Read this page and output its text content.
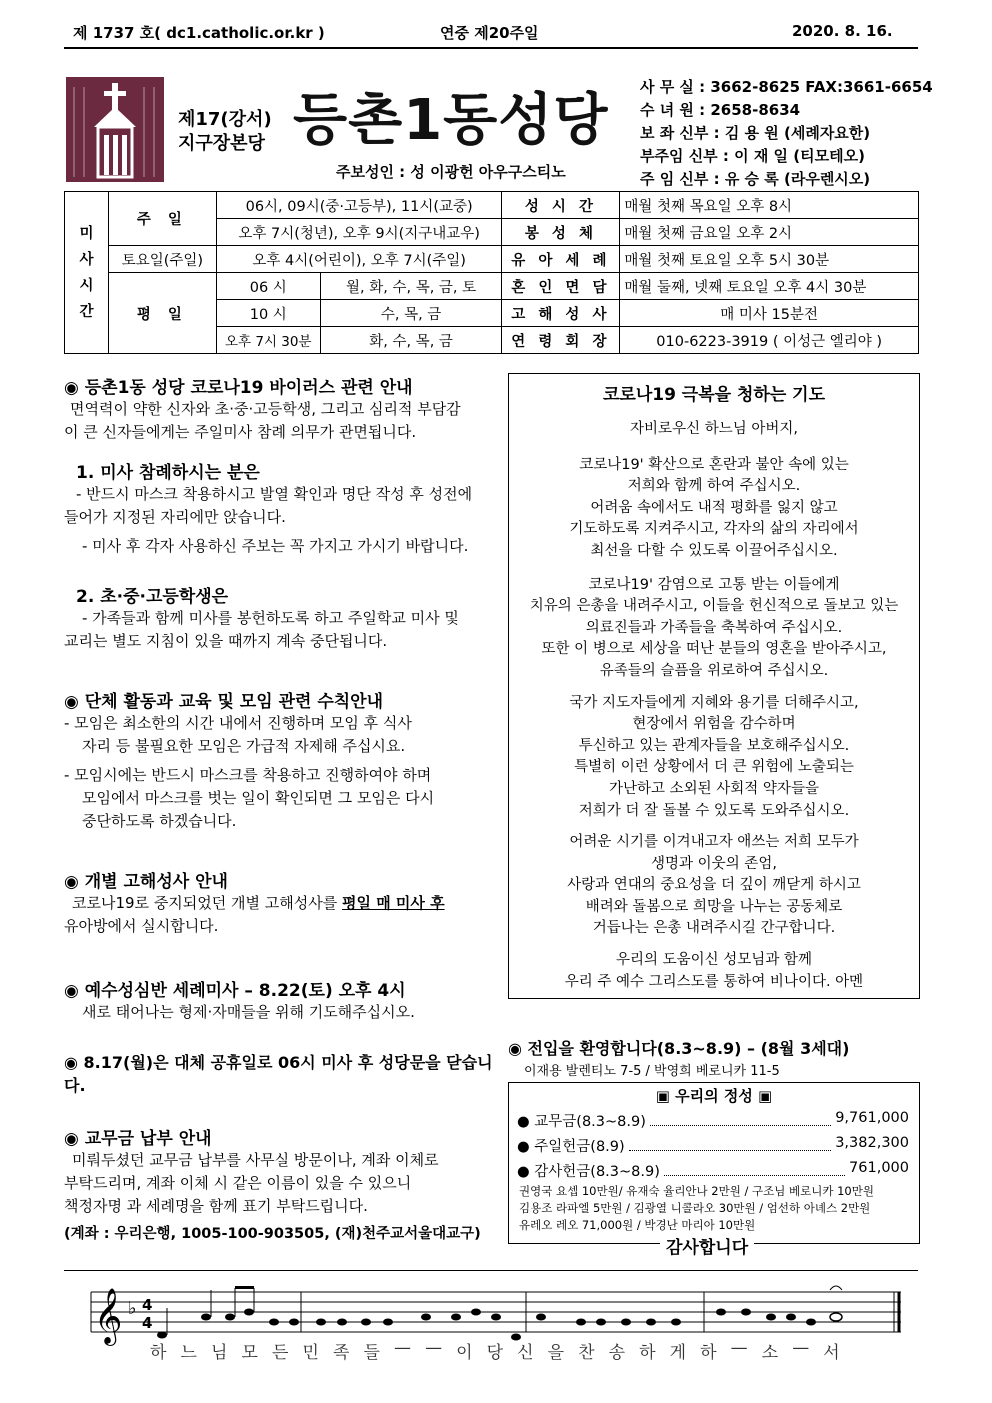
제 1737 호( dc1.catholic.or.kr )	연중 제20주일	2020. 8. 16.
제17(강서)
지구장본당 등촌1동성당
주보성인 : 성 이광헌 아우구스티노
사 무 실 : 3662-8625 FAX:3661-6654
수 녀 원 : 2658-8634
보 좌 신부 : 김 용 원 (세례자요한)
부주임 신부 : 이 재 일 (티모테오)
주 임 신부 : 유 승 록 (라우렌시오)
미
사
시
간	주 일	06시, 09시(중·고등부), 11시(교중)		성 시 간	매월 첫째 목요일 오후 8시
		오후 7시(청년), 오후 9시(지구내교우)		봉 성 체	매월 첫째 금요일 오후 2시
	토요일(주일)	오후 4시(어린이), 오후 7시(주일)		유 아 세 례	매월 첫째 토요일 오후 5시 30분
	평 일	06 시	월, 화, 수, 목, 금, 토	혼 인 면 담	매월 둘째, 넷째 토요일 오후 4시 30분
		10 시	수, 목, 금	고 해 성 사	매 미사 15분전
		오후 7시 30분	화, 수, 목, 금	연 령 회 장	010-6223-3919 ( 이성근 엘리야 )
◉ 등촌1동 성당 코로나19 바이러스 관련 안내
면역력이 약한 신자와 초·중·고등학생, 그리고 심리적 부담감
이 큰 신자들에게는 주일미사 참례 의무가 관면됩니다.
1. 미사 참례하시는 분은
- 반드시 마스크 착용하시고 발열 확인과 명단 작성 후 성전에
들어가 지정된 자리에만 앉습니다.
- 미사 후 각자 사용하신 주보는 꼭 가지고 가시기 바랍니다.
2. 초·중·고등학생은
- 가족들과 함께 미사를 봉헌하도록 하고 주일학교 미사 및
교리는 별도 지침이 있을 때까지 계속 중단됩니다.
◉ 단체 활동과 교육 및 모임 관련 수칙안내
- 모임은 최소한의 시간 내에서 진행하며 모임 후 식사
자리 등 불필요한 모임은 가급적 자제해 주십시요.
- 모임시에는 반드시 마스크를 착용하고 진행하여야 하며
모임에서 마스크를 벗는 일이 확인되면 그 모임은 다시
중단하도록 하겠습니다.
◉ 개별 고해성사 안내
코로나19로 중지되었던 개별 고해성사를 평일 매 미사 후
유아방에서 실시합니다.
◉ 예수성심반 세례미사 – 8.22(토) 오후 4시
새로 태어나는 형제·자매들을 위해 기도해주십시오.
◉ 8.17(월)은 대체 공휴일로 06시 미사 후 성당문을 닫습니다.
◉ 교무금 납부 안내
미뤄두셨던 교무금 납부를 사무실 방문이나, 계좌 이체로
부탁드리며, 계좌 이체 시 같은 이름이 있을 수 있으니
책정자명 과 세례명을 함께 표기 부탁드립니다.
(계좌 : 우리은행, 1005-100-903505, (재)천주교서울대교구)
코로나19 극복을 청하는 기도
자비로우신 하느님 아버지,
코로나19' 확산으로 혼란과 불안 속에 있는
저희와 함께 하여 주십시오.
어려움 속에서도 내적 평화를 잃지 않고
기도하도록 지켜주시고, 각자의 삶의 자리에서
최선을 다할 수 있도록 이끌어주십시오.
코로나19' 감염으로 고통 받는 이들에게
치유의 은총을 내려주시고, 이들을 헌신적으로 돌보고 있는
의료진들과 가족들을 축복하여 주십시오.
또한 이 병으로 세상을 떠난 분들의 영혼을 받아주시고,
유족들의 슬픔을 위로하여 주십시오.
국가 지도자들에게 지혜와 용기를 더해주시고,
현장에서 위험을 감수하며
투신하고 있는 관계자들을 보호해주십시오.
특별히 이런 상황에서 더 큰 위험에 노출되는
가난하고 소외된 사회적 약자들을
저희가 더 잘 돌볼 수 있도록 도와주십시오.
어려운 시기를 이겨내고자 애쓰는 저희 모두가
생명과 이웃의 존엄,
사랑과 연대의 중요성을 더 깊이 깨닫게 하시고
배려와 돌봄으로 희망을 나누는 공동체로
거듭나는 은총 내려주시길 간구합니다.
우리의 도움이신 성모님과 함께
우리 주 예수 그리스도를 통하여 비나이다. 아멘
◉ 전입을 환영합니다(8.3~8.9) – (8월 3세대)
이재용 발렌티노 7-5 / 박영희 베로니카 11-5
▣ 우리의 정성 ▣
● 교무금(8.3~8.9)	9,761,000
● 주일헌금(8.9)	3,382,300
● 감사헌금(8.3~8.9)	761,000
권영국 요셉 10만원/ 유재숙 율리안나 2만원 / 구조님 베로니카 10만원
김용조 라파엘 5만원 / 김광열 니콜라오 30만원 / 엄선하 아녜스 2만원
유레오 레오 71,000원 / 박경난 마리아 10만원
감사합니다
𝄞 ♭ 4
4
하 느 님 모 든 민 족 들 — — 이 당 신 을 찬 송 하 게 하 — 소 — 서
